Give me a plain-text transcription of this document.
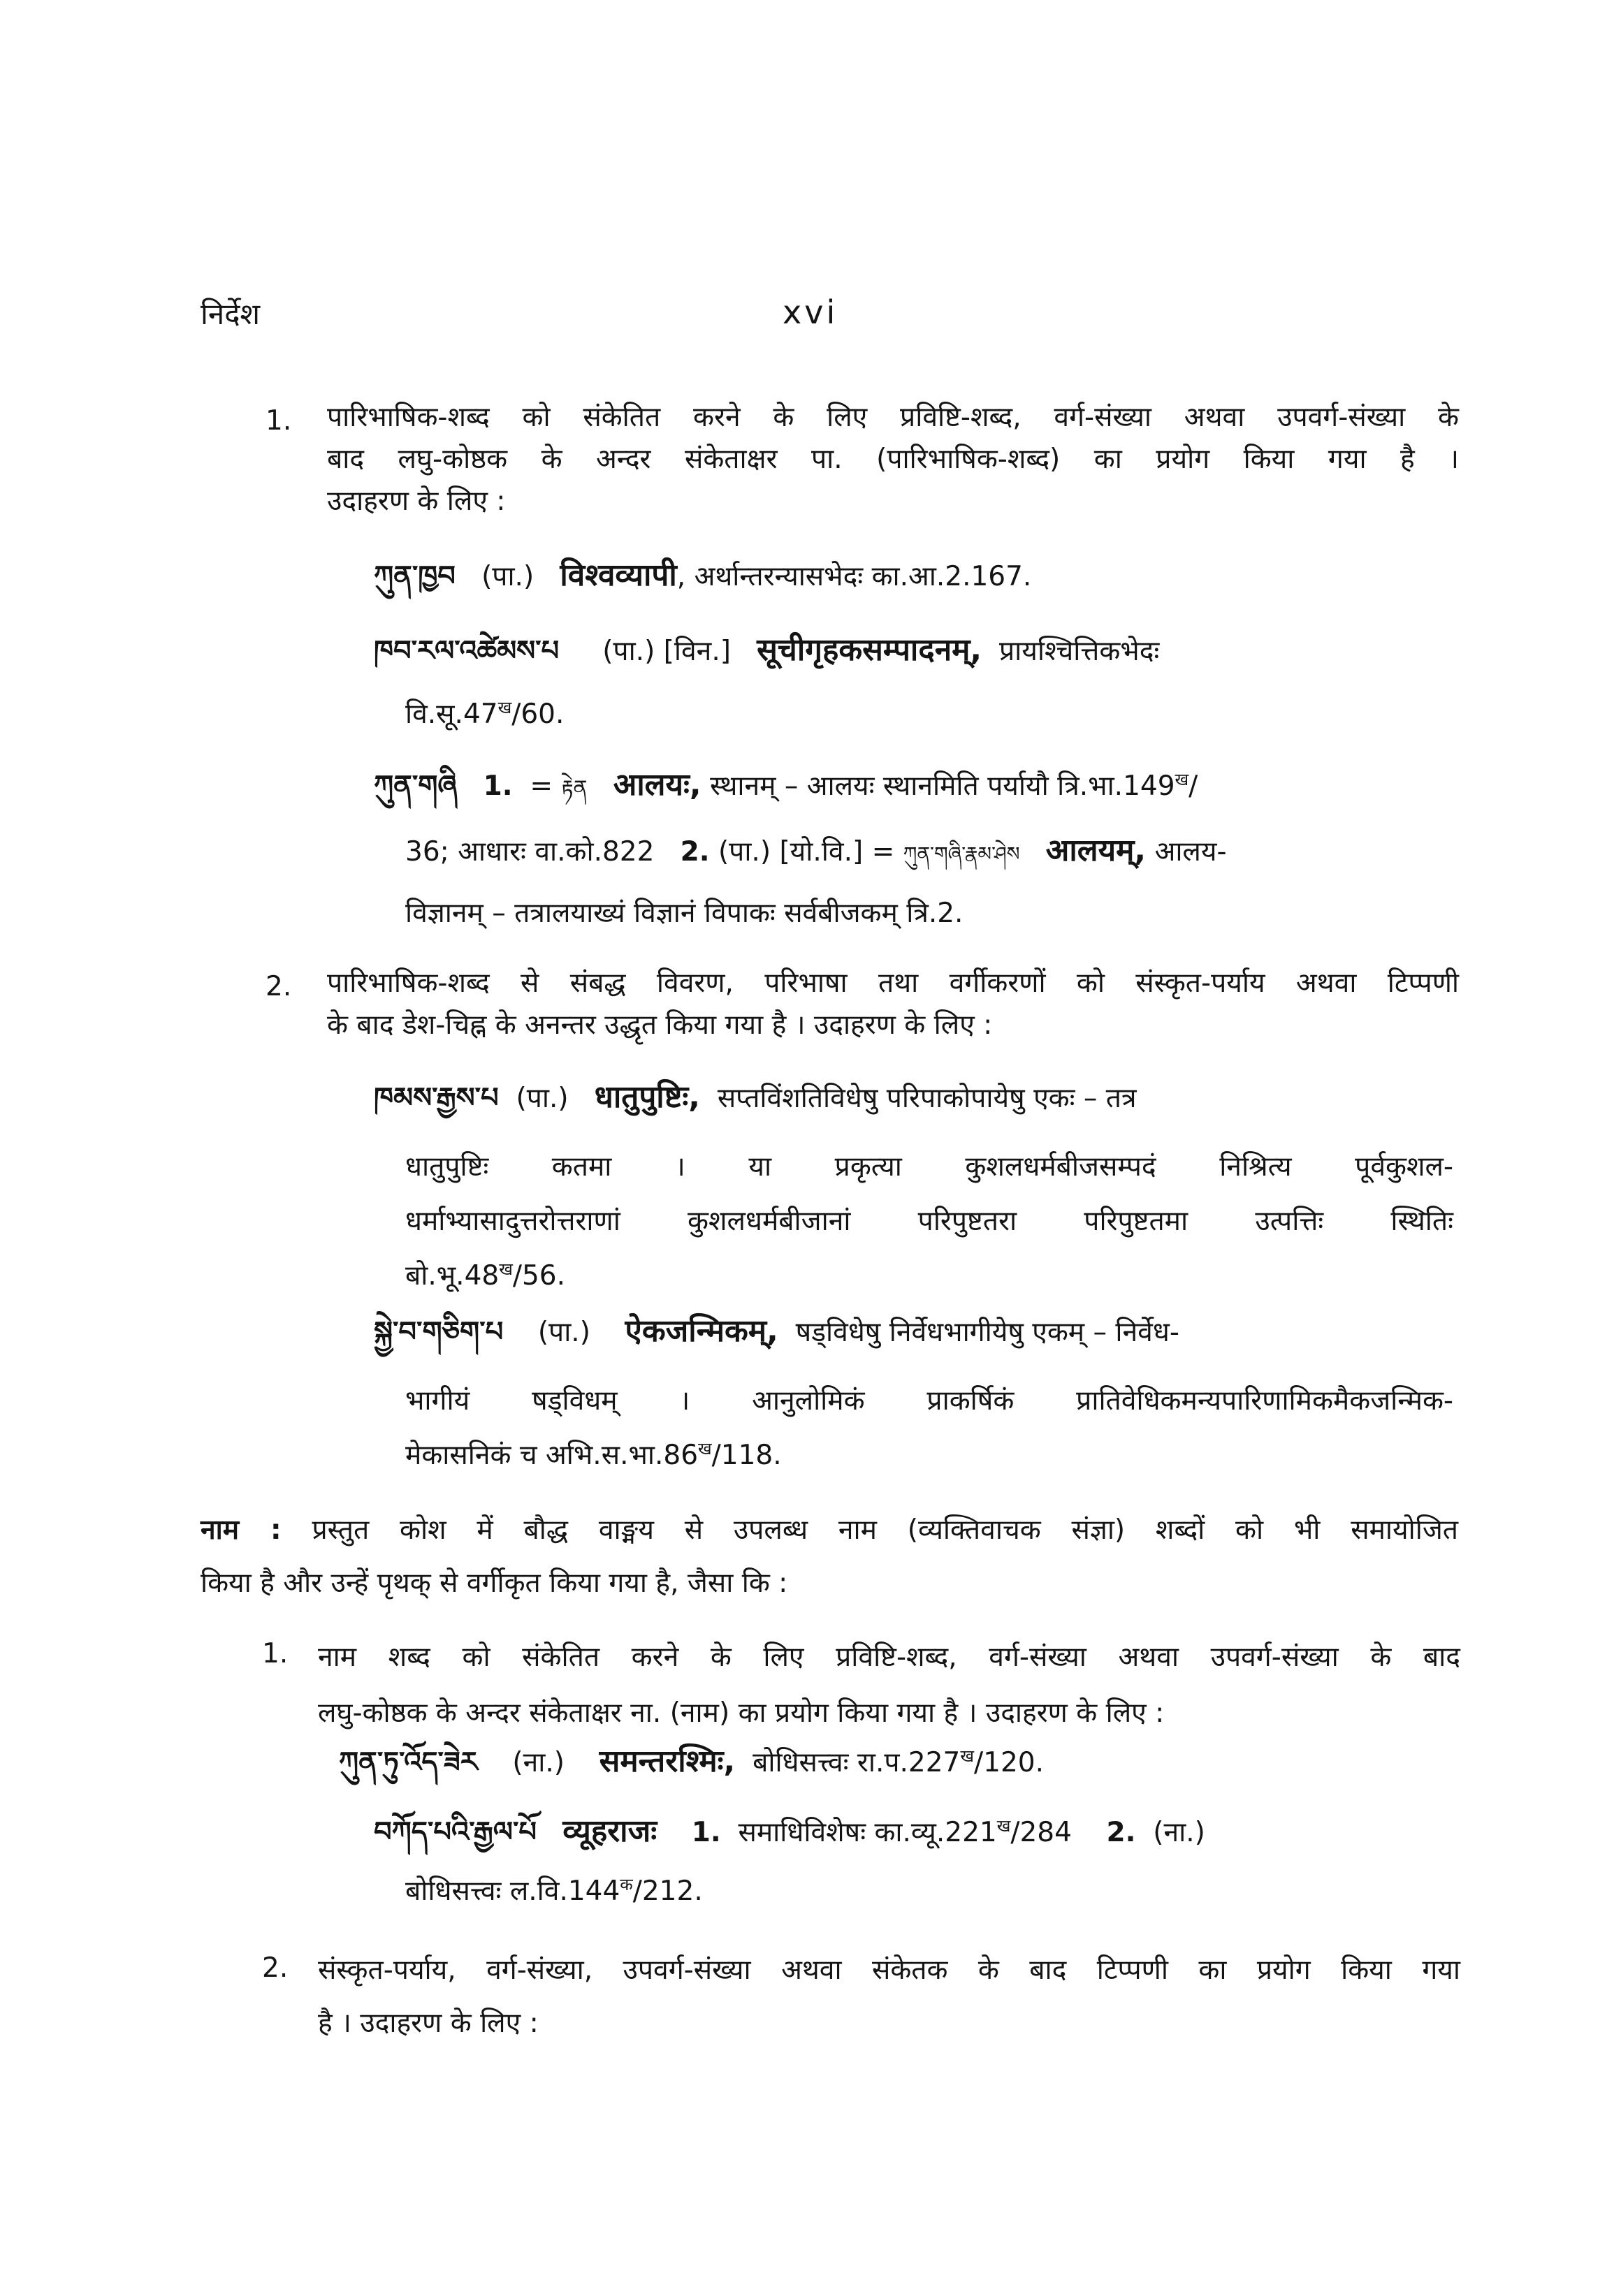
निर्देश	xvi
1. पारिभाषिक-शब्द को संकेतित करने के लिए प्रविष्टि-शब्द, वर्ग-संख्या अथवा उपवर्ग-संख्या के
बाद लघु-कोष्ठक के अन्दर संकेताक्षर पा. (पारिभाषिक-शब्द) का प्रयोग किया गया है ।
उदाहरण के लिए :
ཀུན་ཁྱབ (पा.) विश्वव्यापी, अर्थान्तरन्यासभेदः का.आ.2.167.
ཁབ་རལ་འཚེམས་པ (पा.) [विन.] सूचीगृहकसम्पादनम्, प्रायश्चित्तिकभेदः
$वि.सू.47^ख/60$.
ཀུན་གཞི 1. = རྟེན आलयः, स्थानम् – आलयः स्थानमिति पर्यायौ $त्रि.भा.149^ख/$
36; आधारः वा.को.822 2. (पा.) [यो.वि.] = ཀུན་གཞི་རྣམ་ཤེས आलयम्, आलय-
विज्ञानम् – तत्रालयाख्यं विज्ञानं विपाकः सर्वबीजकम् त्रि.2.
2. पारिभाषिक-शब्द से संबद्ध विवरण, परिभाषा तथा वर्गीकरणों को संस्कृत-पर्याय अथवा टिप्पणी
के बाद डेश-चिह्न के अनन्तर उद्धृत किया गया है । उदाहरण के लिए :
ཁམས་རྒྱས་པ (पा.) धातुपुष्टिः, सप्तविंशतिविधेषु परिपाकोपायेषु एकः – तत्र
धातुपुष्टिः कतमा । या प्रकृत्या कुशलधर्मबीजसम्पदं निश्रित्य पूर्वकुशल-
धर्माभ्यासादुत्तरोत्तराणां कुशलधर्मबीजानां परिपुष्टतरा परिपुष्टतमा उत्पत्तिः स्थितिः
$बो.भू.48^ख/56$.
སྐྱེ་བ་གཅིག་པ (पा.) ऐकजन्मिकम्, षड्विधेषु निर्वेधभागीयेषु एकम् – निर्वेध-
भागीयं षड्विधम् । आनुलोमिकं प्राकर्षिकं प्रातिवेधिकमन्यपारिणामिकमैकजन्मिक-
मेकासनिकं च $अभि.स.भा.86^ख/118$.
नाम : प्रस्तुत कोश में बौद्ध वाङ्मय से उपलब्ध नाम (व्यक्तिवाचक संज्ञा) शब्दों को भी समायोजित
किया है और उन्हें पृथक् से वर्गीकृत किया गया है, जैसा कि :
1. नाम शब्द को संकेतित करने के लिए प्रविष्टि-शब्द, वर्ग-संख्या अथवा उपवर्ग-संख्या के बाद
लघु-कोष्ठक के अन्दर संकेताक्षर ना. (नाम) का प्रयोग किया गया है । उदाहरण के लिए :
ཀུན་ཏུ་འོད་ཟེར (ना.) समन्तरश्मिः, बोधिसत्त्वः $रा.प.227^ख/120$.
བཀོད་པའི་རྒྱལ་པོ व्यूहराजः 1. समाधिविशेषः $का.व्यू.221^ख/284$ 2. (ना.)
बोधिसत्त्वः $ल.वि.144^क/212$.
2. संस्कृत-पर्याय, वर्ग-संख्या, उपवर्ग-संख्या अथवा संकेतक के बाद टिप्पणी का प्रयोग किया गया
है । उदाहरण के लिए :
